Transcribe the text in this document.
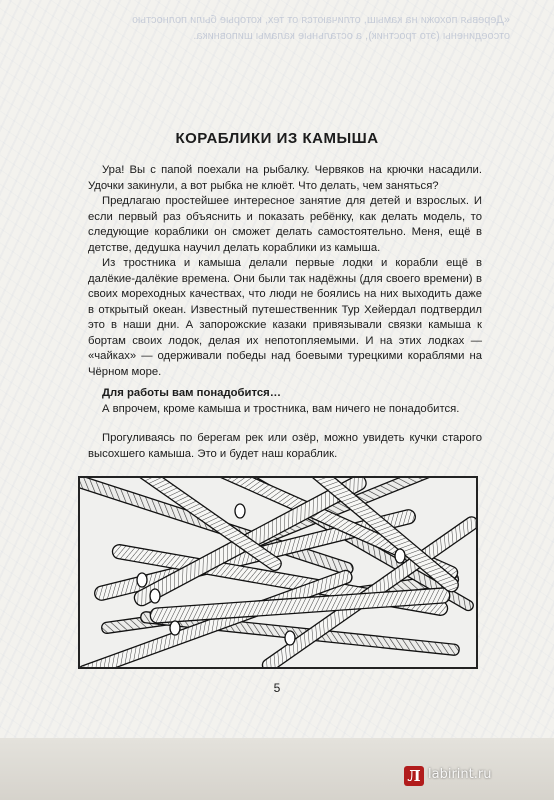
«Деревья похожи на камыш, отличаются от тех, которые были полностью
отсоединены (это тростник), а остальные каламы шиповника.
КОРАБЛИКИ ИЗ КАМЫША

Ура! Вы с папой поехали на рыбалку. Червяков на крючки насадили. Удочки закинули, а вот рыбка не клюёт. Что делать, чем заняться?

Предлагаю простейшее интересное занятие для детей и взрослых. И если первый раз объяснить и показать ребёнку, как делать модель, то следующие кораблики он сможет делать самостоятельно. Меня, ещё в детстве, дедушка научил делать кораблики из камыша.

Из тростника и камыша делали первые лодки и корабли ещё в далёкие-далёкие времена. Они были так надёжны (для своего времени) в своих мореходных качествах, что люди не боялись на них выходить даже в открытый океан. Известный путешественник Тур Хейердал подтвердил это в наши дни. А запорожские казаки привязывали связки камыша к бортам своих лодок, делая их непотопляемыми. И на этих лодках — «чайках» — одерживали победы над боевыми турецкими кораблями на Чёрном море.

Для работы вам понадобится…

А впрочем, кроме камыша и тростника, вам ничего не понадобится.

Прогуливаясь по берегам рек или озёр, можно увидеть кучки старого высохшего камыша. Это и будет наш кораблик.

5
Л labirint.ru
